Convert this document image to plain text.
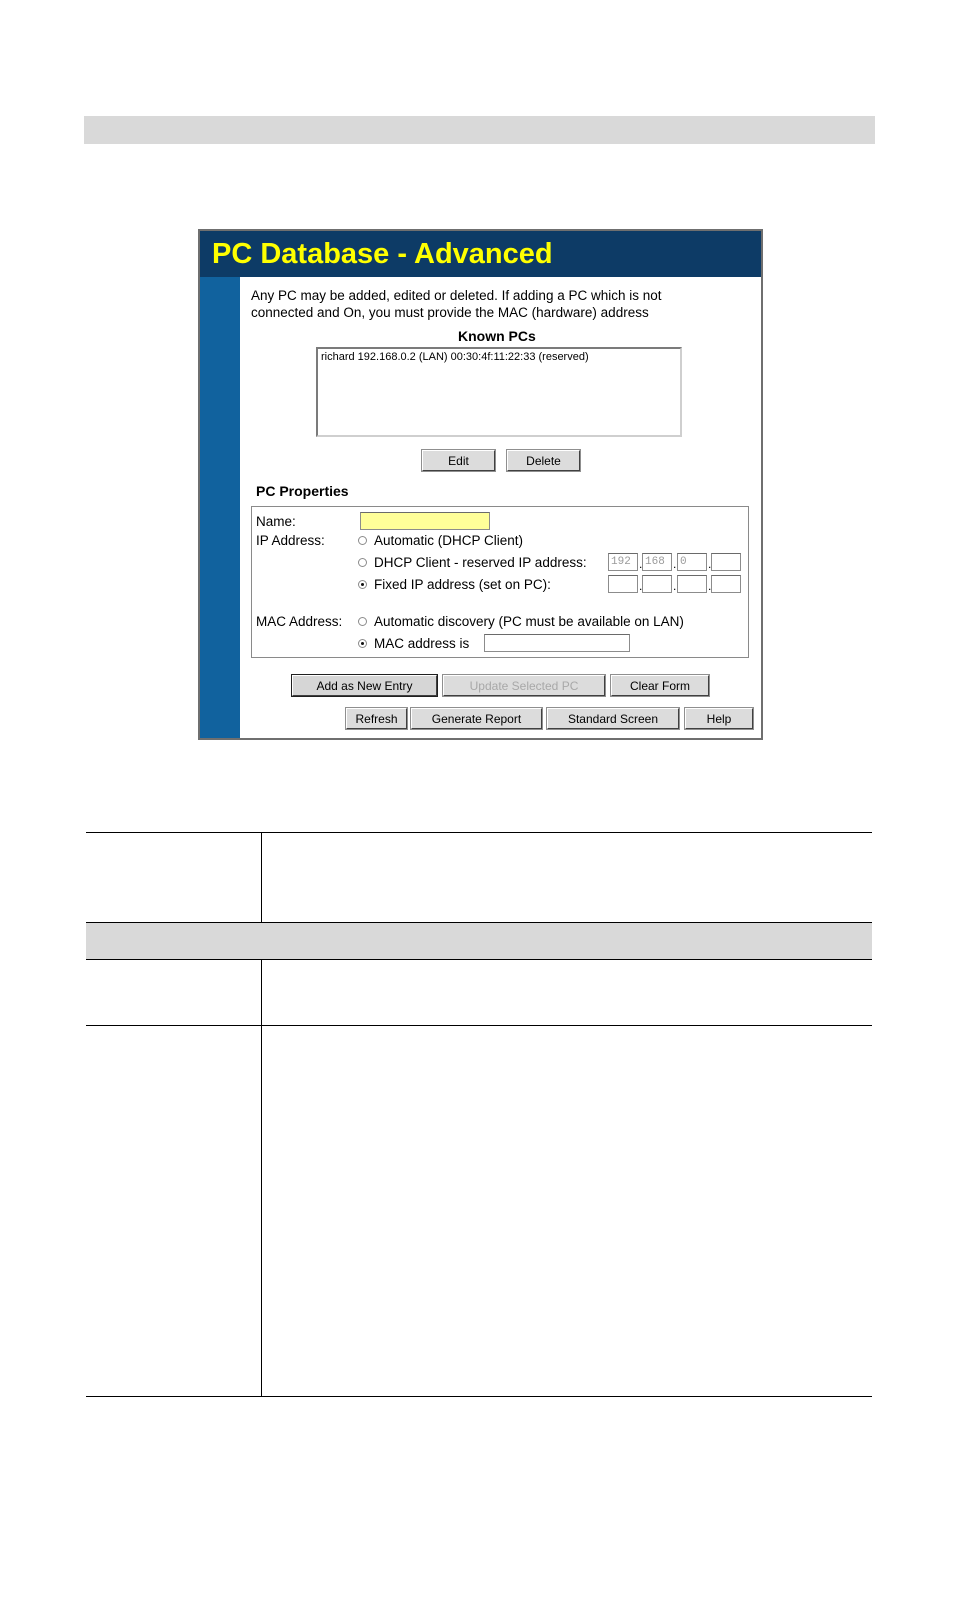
PC Database - Advanced
Any PC may be added, edited or deleted. If adding a PC which is not
connected and On, you must provide the MAC (hardware) address
Known PCs
richard 192.168.0.2 (LAN) 00:30:4f:11:22:33 (reserved)
Edit	Delete
PC Properties
Name:
IP Address:	Automatic (DHCP Client)
DHCP Client - reserved IP address: 192 . 168 . 0	.
Fixed IP address (set on PC):	.	.	.
MAC Address: Automatic discovery (PC must be available on LAN)
MAC address is
Add as New Entry	Update Selected PC	Clear Form
Refresh	Generate Report	Standard Screen	Help
